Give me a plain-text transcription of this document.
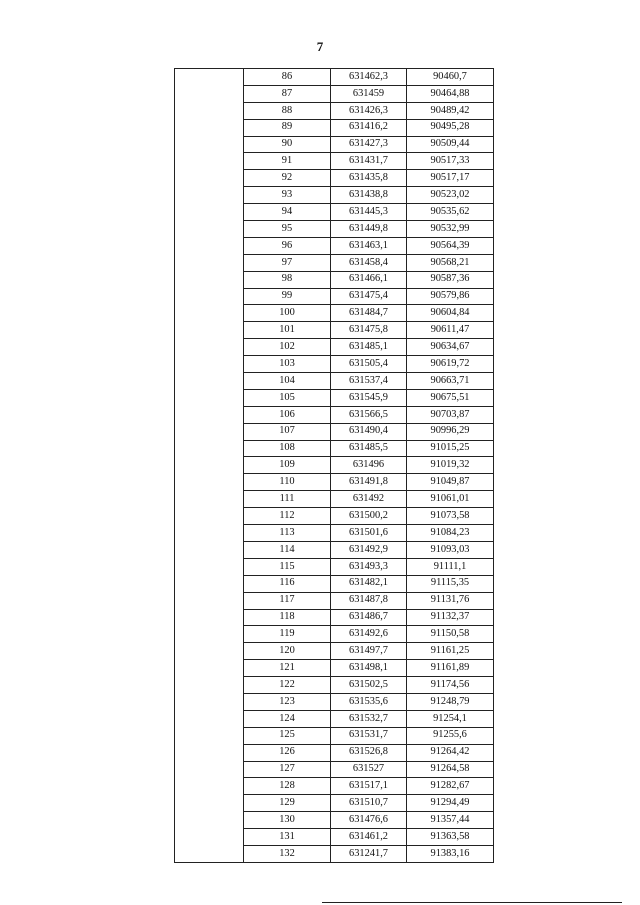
7
	86	631462,3	90460,7
	87	631459	90464,88
	88	631426,3	90489,42
	89	631416,2	90495,28
	90	631427,3	90509,44
	91	631431,7	90517,33
	92	631435,8	90517,17
	93	631438,8	90523,02
	94	631445,3	90535,62
	95	631449,8	90532,99
	96	631463,1	90564,39
	97	631458,4	90568,21
	98	631466,1	90587,36
	99	631475,4	90579,86
	100	631484,7	90604,84
	101	631475,8	90611,47
	102	631485,1	90634,67
	103	631505,4	90619,72
	104	631537,4	90663,71
	105	631545,9	90675,51
	106	631566,5	90703,87
	107	631490,4	90996,29
	108	631485,5	91015,25
	109	631496	91019,32
	110	631491,8	91049,87
	111	631492	91061,01
	112	631500,2	91073,58
	113	631501,6	91084,23
	114	631492,9	91093,03
	115	631493,3	91111,1
	116	631482,1	91115,35
	117	631487,8	91131,76
	118	631486,7	91132,37
	119	631492,6	91150,58
	120	631497,7	91161,25
	121	631498,1	91161,89
	122	631502,5	91174,56
	123	631535,6	91248,79
	124	631532,7	91254,1
	125	631531,7	91255,6
	126	631526,8	91264,42
	127	631527	91264,58
	128	631517,1	91282,67
	129	631510,7	91294,49
	130	631476,6	91357,44
	131	631461,2	91363,58
	132	631241,7	91383,16
